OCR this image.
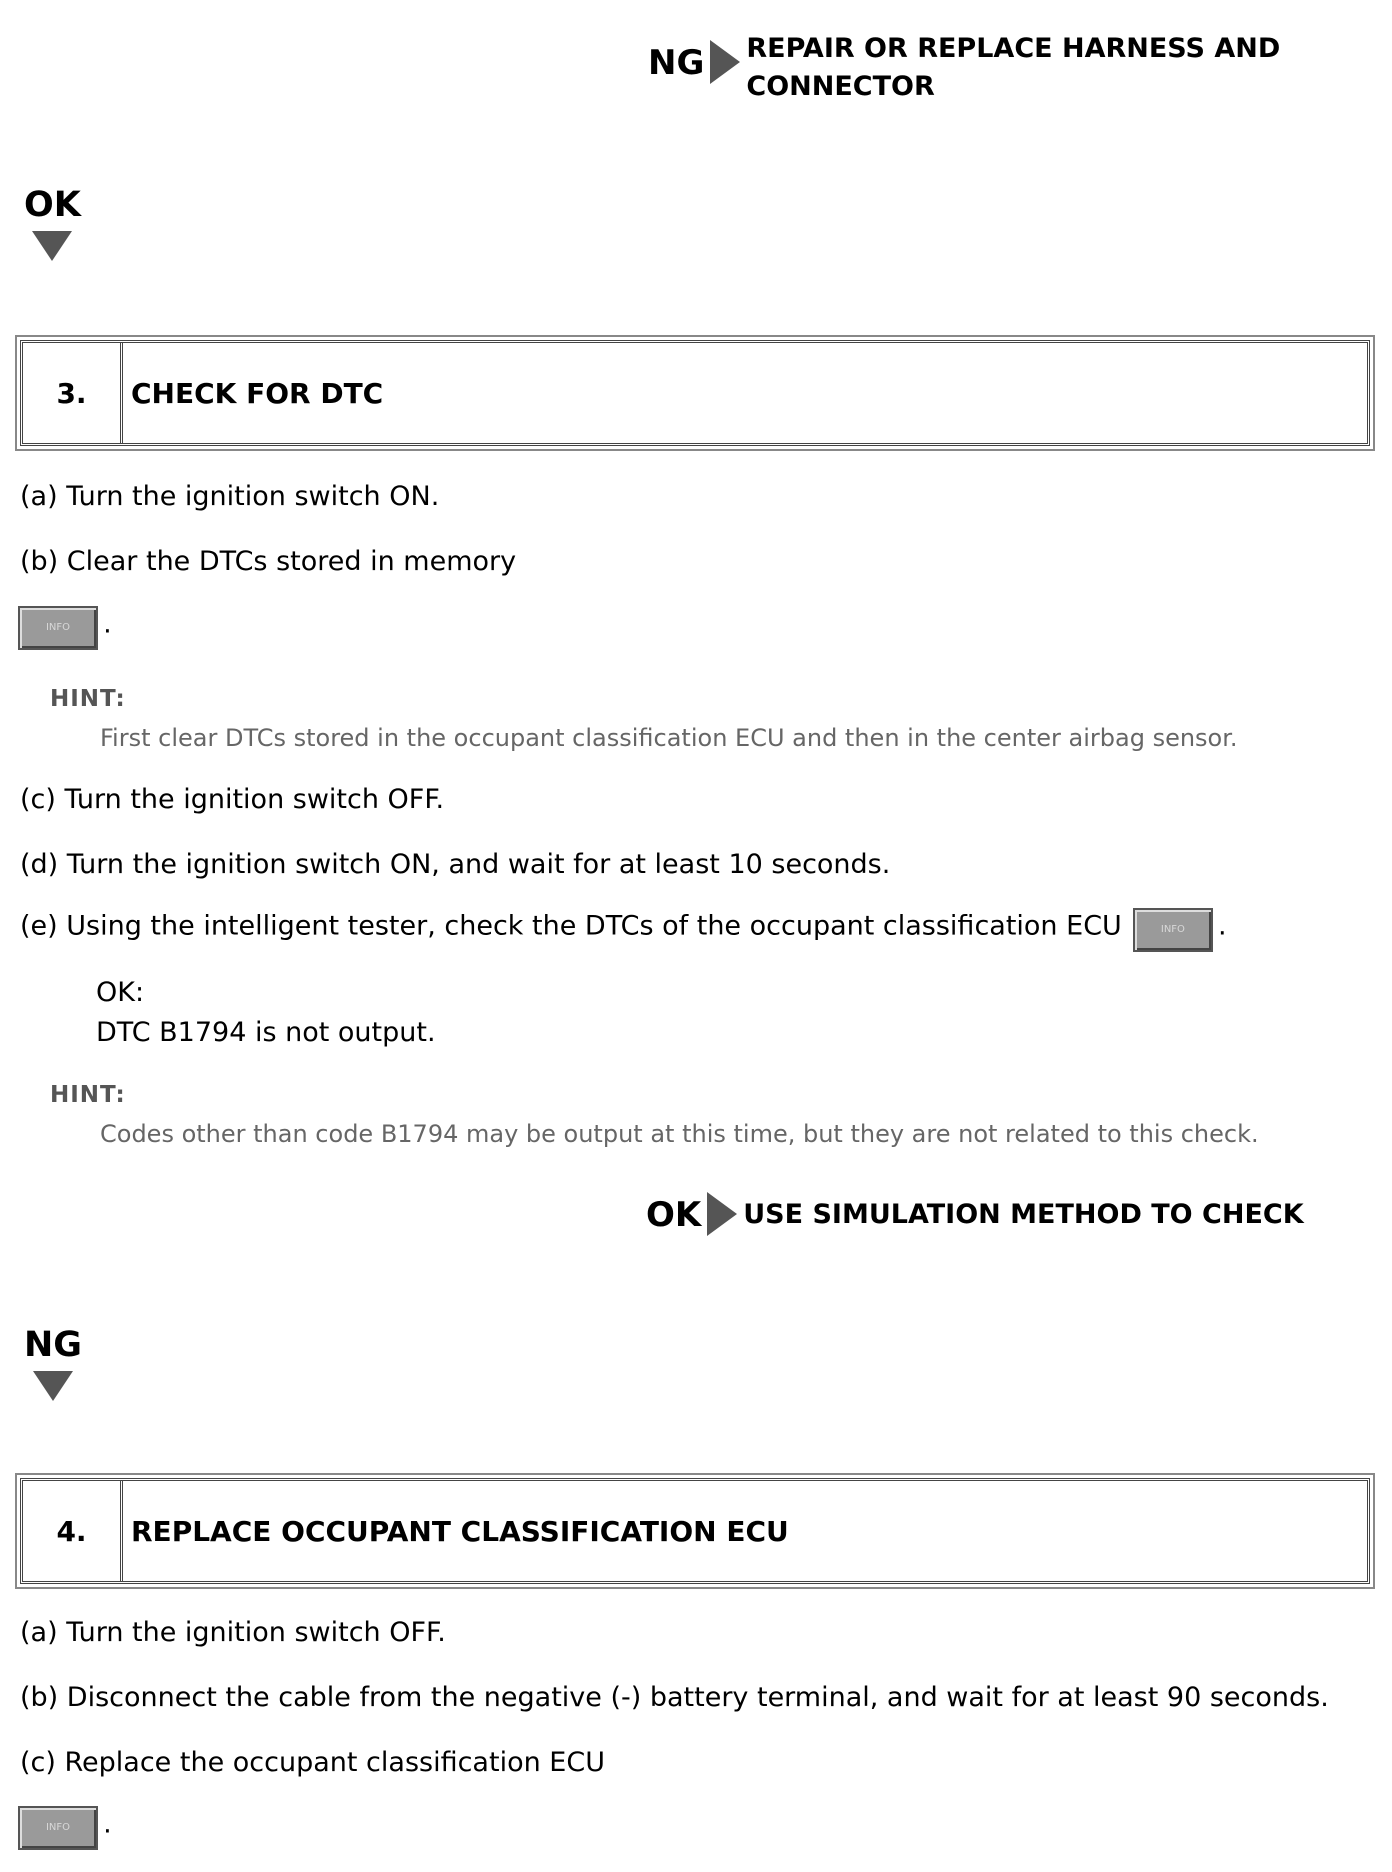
NG REPAIR OR REPLACE HARNESS AND
CONNECTOR
OK
3.	CHECK FOR DTC
(a) Turn the ignition switch ON.
(b) Clear the DTCs stored in memory
INFO .
HINT:
First clear DTCs stored in the occupant classification ECU and then in the center airbag sensor.
(c) Turn the ignition switch OFF.
(d) Turn the ignition switch ON, and wait for at least 10 seconds.
(e) Using the intelligent tester, check the DTCs of the occupant classification ECU	INFO .
OK:
DTC B1794 is not output.
HINT:
Codes other than code B1794 may be output at this time, but they are not related to this check.
OK USE SIMULATION METHOD TO CHECK
NG
4.	REPLACE OCCUPANT CLASSIFICATION ECU
(a) Turn the ignition switch OFF.
(b) Disconnect the cable from the negative (-) battery terminal, and wait for at least 90 seconds.
(c) Replace the occupant classification ECU
INFO .
